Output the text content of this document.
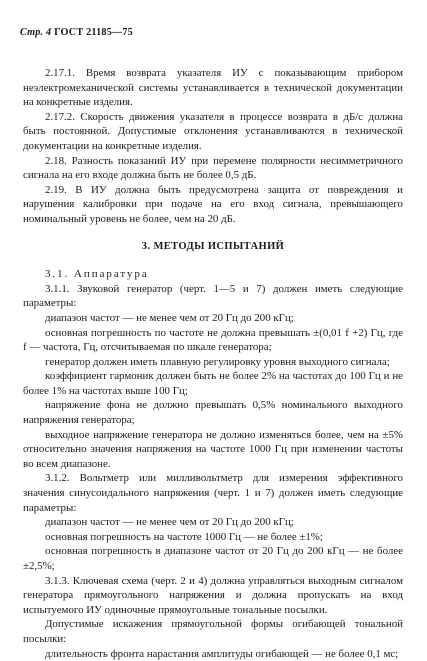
Стр. 4 ГОСТ 21185—75

2.17.1. Время возврата указателя ИУ с показывающим прибором неэлектромеханической системы устанавливается в технической документации на конкретные изделия.

2.17.2. Скорость движения указателя в процессе возврата в дБ/с должна быть постоянной. Допустимые отклонения устанавливаются в технической документации на конкретные изделия.

2.18. Разность показаний ИУ при перемене полярности несимметричного сигнала на его входе должна быть не более 0,5 дБ.

2.19. В ИУ должна быть предусмотрена защита от повреждения и нарушения калибровки при подаче на его вход сигнала, превышающего номинальный уровень не более, чем на 20 дБ.

3. МЕТОДЫ ИСПЫТАНИЙ

3.1. Аппаратура

3.1.1. Звуковой генератор (черт. 1—5 и 7) должен иметь следующие параметры:

диапазон частот — не менее чем от 20 Гц до 200 кГц;

основная погрешность по частоте не должна превышать ±(0,01 f +2) Гц, где f — частота, Гц, отсчитываемая по шкале генератора;

генератор должен иметь плавную регулировку уровня выходного сигнала;

коэффициент гармоник должен быть не более 2% на частотах до 100 Гц и не более 1% на частотах выше 100 Гц;

напряжение фона не должно превышать 0,5% номинального выходного напряжения генератора;

выходное напряжение генератора не должно изменяться более, чем на ±5% относительно значения напряжения на частоте 1000 Гц при изменении частоты во всем диапазоне.

3.1.2. Вольтметр или милливольтметр для измерения эффективного значения синусоидального напряжения (черт. 1 и 7) должен иметь следующие параметры:

диапазон частот — не менее чем от 20 Гц до 200 кГц;

основная погрешность на частоте 1000 Гц — не более ±1%;

основная погрешность в диапазоне частот от 20 Гц до 200 кГц — не более ±2,5%;

3.1.3. Ключевая схема (черт. 2 и 4) должна управляться выходным сигналом генератора прямоугольного напряжения и должна пропускать на вход испытуемого ИУ одиночные прямоугольные тональные посылки.

Допустимые искажения прямоугольной формы огибающей тональной посылки:

длительность фронта нарастания амплитуды огибающей — не более 0,1 мс;
